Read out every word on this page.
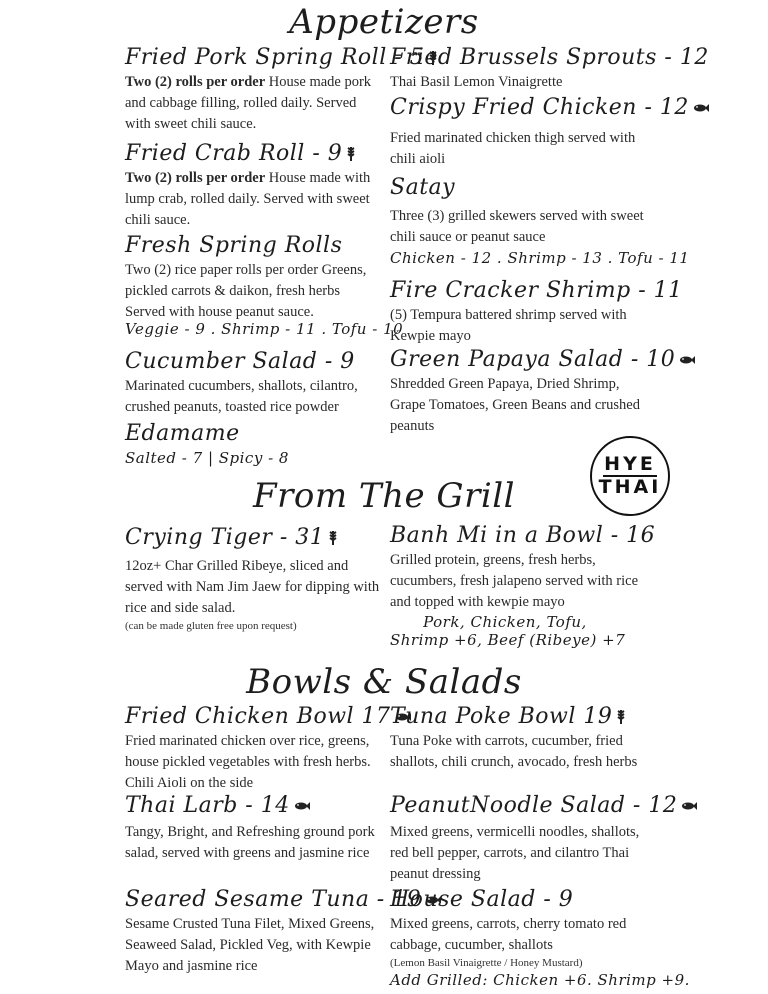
Appetizers
From The Grill
Bowls & Salads
HYE
THAI
Fried Pork Spring Roll - 5
Two (2) rolls per order House made pork and cabbage filling, rolled daily. Served with sweet chili sauce.
Fried Crab Roll - 9
Two (2) rolls per order House made with lump crab, rolled daily. Served with sweet chili sauce.
Fresh Spring Rolls
Two (2) rice paper rolls per order Greens, pickled carrots & daikon, fresh herbs Served with house peanut sauce.
Veggie - 9 . Shrimp - 11 . Tofu - 10
Cucumber Salad - 9
Marinated cucumbers, shallots, cilantro, crushed peanuts, toasted rice powder
Edamame
Salted - 7 | Spicy - 8
Fried Brussels Sprouts - 12
Thai Basil Lemon Vinaigrette
Crispy Fried Chicken - 12
Fried marinated chicken thigh served with chili aioli
Satay
Three (3) grilled skewers served with sweet chili sauce or peanut sauce
Chicken - 12 . Shrimp - 13 . Tofu - 11
Fire Cracker Shrimp - 11
(5) Tempura battered shrimp served with Kewpie mayo
Green Papaya Salad - 10
Shredded Green Papaya, Dried Shrimp, Grape Tomatoes, Green Beans and crushed peanuts
Crying Tiger - 31
12oz+ Char Grilled Ribeye, sliced and served with Nam Jim Jaew for dipping with rice and side salad.
(can be made gluten free upon request)
Banh Mi in a Bowl - 16
Grilled protein, greens, fresh herbs, cucumbers, fresh jalapeno served with rice and topped with kewpie mayo
Pork, Chicken, Tofu,
Shrimp +6, Beef (Ribeye) +7
Fried Chicken Bowl 17
Fried marinated chicken over rice, greens, house pickled vegetables with fresh herbs. Chili Aioli on the side
Thai Larb - 14
Tangy, Bright, and Refreshing ground pork salad, served with greens and jasmine rice
Seared Sesame Tuna - 19
Sesame Crusted Tuna Filet, Mixed Greens, Seaweed Salad, Pickled Veg, with Kewpie Mayo and jasmine rice
Tuna Poke Bowl 19
Tuna Poke with carrots, cucumber, fried shallots, chili crunch, avocado, fresh herbs
PeanutNoodle Salad - 12
Mixed greens, vermicelli noodles, shallots, red bell pepper, carrots, and cilantro Thai peanut dressing
House Salad - 9
Mixed greens, carrots, cherry tomato red cabbage, cucumber, shallots
(Lemon Basil Vinaigrette / Honey Mustard)
Add Grilled: Chicken +6. Shrimp +9.
